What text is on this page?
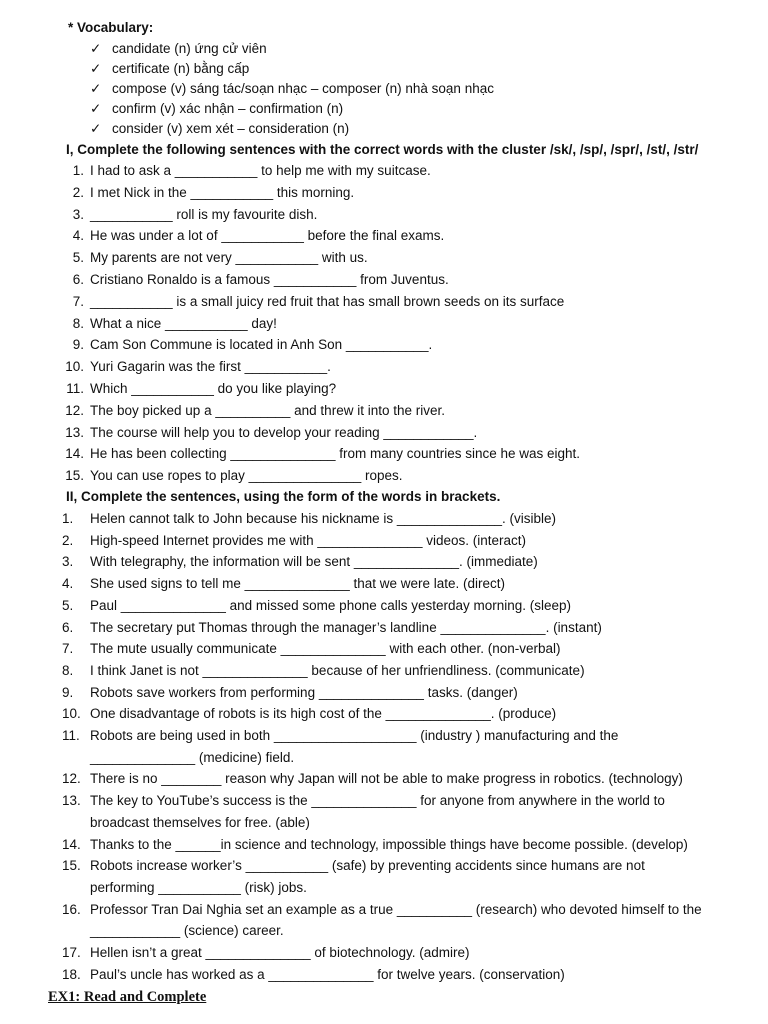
* Vocabulary:
✓ candidate (n) ứng cử viên
✓ certificate (n) bằng cấp
✓ compose (v) sáng tác/soạn nhạc – composer (n) nhà soạn nhạc
✓ confirm (v) xác nhận – confirmation (n)
✓ consider (v) xem xét – consideration (n)
I, Complete the following sentences with the correct words with the cluster /sk/, /sp/, /spr/, /st/, /str/
1. I had to ask a ___________ to help me with my suitcase.
2. I met Nick in the ___________ this morning.
3. ___________ roll is my favourite dish.
4. He was under a lot of ___________ before the final exams.
5. My parents are not very ___________ with us.
6. Cristiano Ronaldo is a famous ___________ from Juventus.
7. ___________ is a small juicy red fruit that has small brown seeds on its surface
8. What a nice ___________ day!
9. Cam Son Commune is located in Anh Son ___________.
10. Yuri Gagarin was the first ___________.
11. Which ___________ do you like playing?
12. The boy picked up a __________ and threw it into the river.
13. The course will help you to develop your reading ____________.
14. He has been collecting ______________ from many countries since he was eight.
15. You can use ropes to play _______________ ropes.
II, Complete the sentences, using the form of the words in brackets.
1. Helen cannot talk to John because his nickname is ______________. (visible)
2. High-speed Internet provides me with ______________ videos. (interact)
3. With telegraphy, the information will be sent ______________. (immediate)
4. She used signs to tell me ______________ that we were late. (direct)
5. Paul ______________ and missed some phone calls yesterday morning. (sleep)
6. The secretary put Thomas through the manager’s landline ______________. (instant)
7. The mute usually communicate ______________ with each other. (non-verbal)
8. I think Janet is not ______________ because of her unfriendliness. (communicate)
9. Robots save workers from performing ______________ tasks. (danger)
10. One disadvantage of robots is its high cost of the ______________. (produce)
11. Robots are being used in both ___________________ (industry ) manufacturing and the
______________ (medicine) field.
12. There is no ________ reason why Japan will not be able to make progress in robotics. (technology)
13. The key to YouTube’s success is the ______________ for anyone from anywhere in the world to
broadcast themselves for free. (able)
14. Thanks to the ______in science and technology, impossible things have become possible. (develop)
15. Robots increase worker’s ___________ (safe) by preventing accidents since humans are not
performing ___________ (risk) jobs.
16. Professor Tran Dai Nghia set an example as a true __________ (research) who devoted himself to the
____________ (science) career.
17. Hellen isn’t a great ______________ of biotechnology. (admire)
18. Paul’s uncle has worked as a ______________ for twelve years. (conservation)
EX1: Read and Complete
